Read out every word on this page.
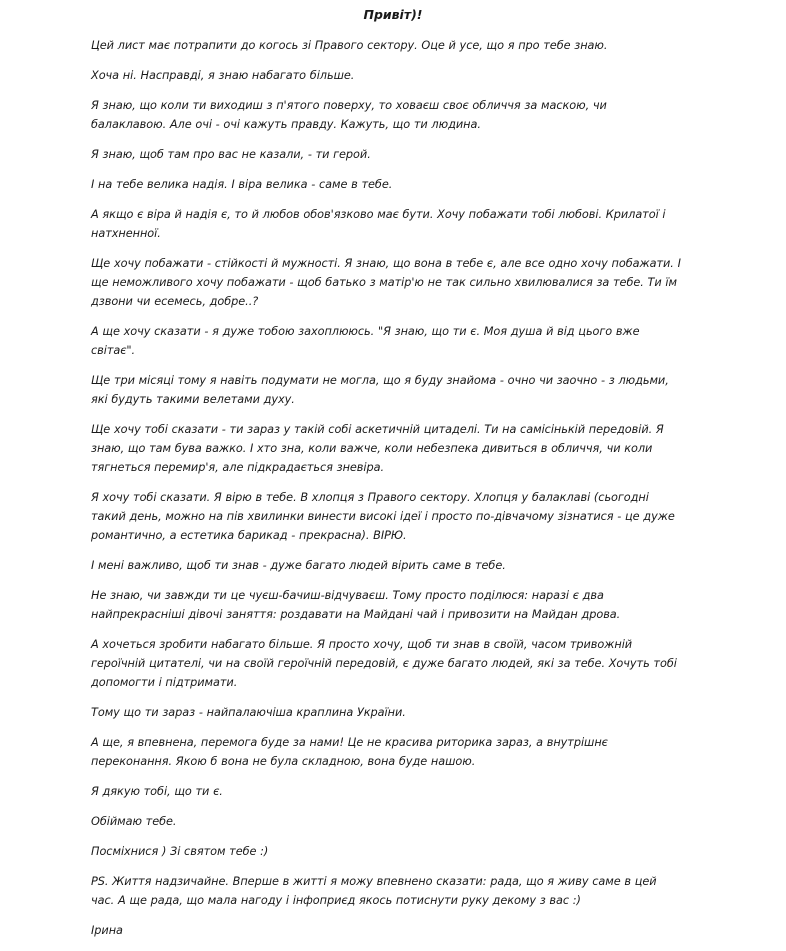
Привіт)!

Цей лист має потрапити до когось зі Правого сектору. Оце й усе, що я про тебе знаю.

Хоча ні. Насправді, я знаю набагато більше.

Я знаю, що коли ти виходиш з п'ятого поверху, то ховаєш своє обличчя за маскою, чи балаклавою. Але очі - очі кажуть правду. Кажуть, що ти людина.

Я знаю, щоб там про вас не казали, - ти герой.

І на тебе велика надія. І віра велика - саме в тебе.

А якщо є віра й надія є, то й любов обов'язково має бути. Хочу побажати тобі любові. Крилатої і натхненної.

Ще хочу побажати - стійкості й мужності. Я знаю, що вона в тебе є, але все одно хочу побажати. І ще неможливого хочу побажати - щоб батько з матір'ю не так сильно хвилювалися за тебе. Ти їм дзвони чи есемесь, добре..?

А ще хочу сказати - я дуже тобою захоплююсь. "Я знаю, що ти є. Моя душа й від цього вже світає".

Ще три місяці тому я навіть подумати не могла, що я буду знайома - очно чи заочно - з людьми, які будуть такими велетами духу.

Ще хочу тобі сказати - ти зараз у такій собі аскетичній цитаделі. Ти на самісінькій передовій. Я знаю, що там бува важко. І хто зна, коли важче, коли небезпека дивиться в обличчя, чи коли тягнеться перемир'я, але підкрадається зневіра.

Я хочу тобі сказати. Я вірю в тебе. В хлопця з Правого сектору. Хлопця у балаклаві (сьогодні такий день, можно на пів хвилинки винести високі ідеї і просто по-дівчачому зізнатися - це дуже романтично, а естетика барикад - прекрасна). ВІРЮ.

І мені важливо, щоб ти знав - дуже багато людей вірить саме в тебе.

Не знаю, чи завжди ти це чуєш-бачиш-відчуваєш. Тому просто поділюся: наразі є два найпрекрасніші дівочі заняття: роздавати на Майдані чай і привозити на Майдан дрова.

А хочеться зробити набагато більше. Я просто хочу, щоб ти знав в своїй, часом тривожній героїчній цитателі, чи на своїй героїчній передовій, є дуже багато людей, які за тебе. Хочуть тобі допомогти і підтримати.

Тому що ти зараз - найпалаючіша краплина України.

А ще, я впевнена, перемога буде за нами! Це не красива риторика зараз, а внутрішнє переконання. Якою б вона не була складною, вона буде нашою.

Я дякую тобі, що ти є.

Обіймаю тебе.

Посміхнися ) Зі святом тебе :)

PS. Життя надзичайне. Вперше в житті я можу впевнено сказати: рада, що я живу саме в цей час. А ще рада, що мала нагоду і інфоприєд якось потиснути руку декому з вас :)

Ірина
